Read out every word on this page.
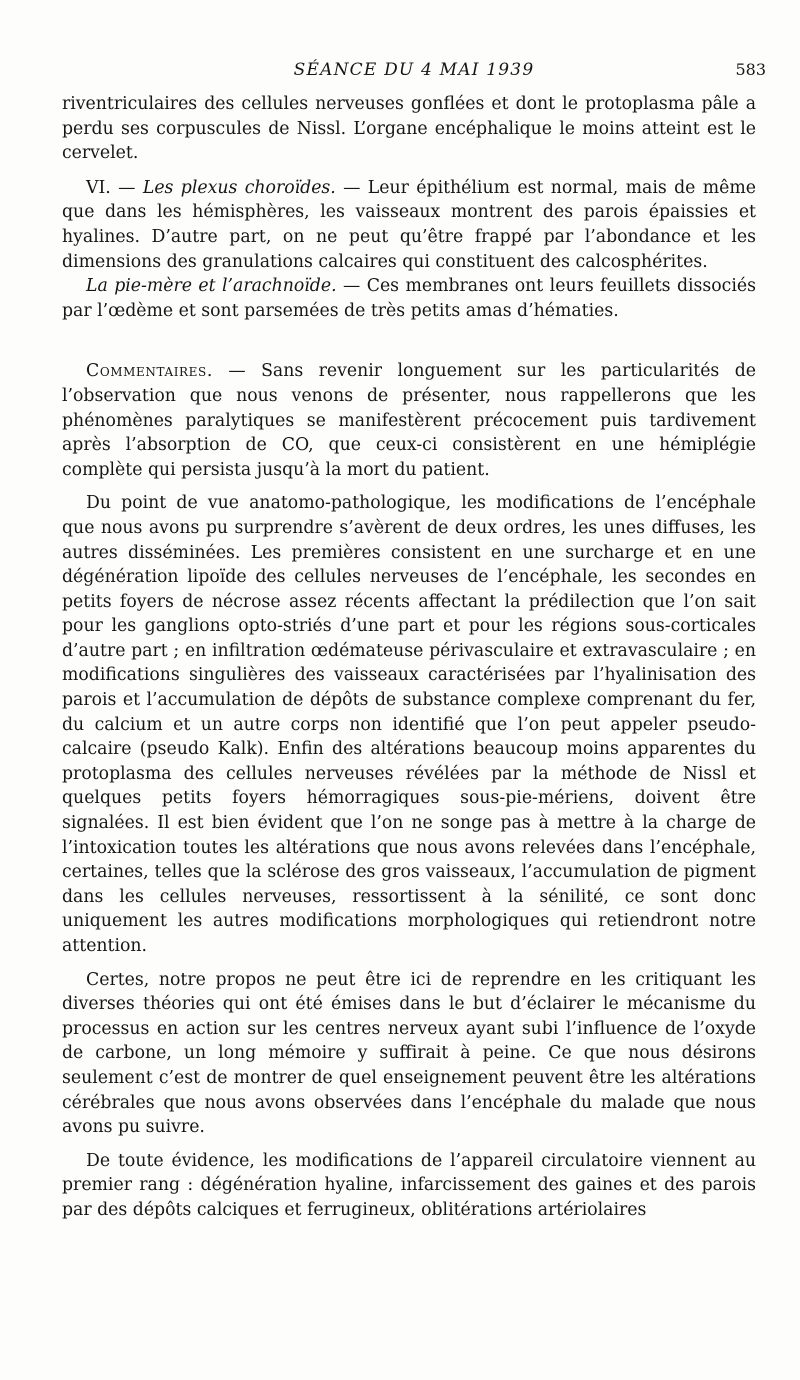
SÉANCE DU 4 MAI 1939	583

riventriculaires des cellules nerveuses gonflées et dont le protoplasma pâle a perdu ses corpuscules de Nissl. L’organe encéphalique le moins atteint est le cervelet.

VI. — Les plexus choroïdes. — Leur épithélium est normal, mais de même que dans les hémisphères, les vaisseaux montrent des parois épaissies et hyalines. D’autre part, on ne peut qu’être frappé par l’abondance et les dimensions des granulations calcaires qui constituent des calcosphérites.

La pie-mère et l’arachnoïde. — Ces membranes ont leurs feuillets dissociés par l’œdème et sont parsemées de très petits amas d’hématies.

Commentaires. — Sans revenir longuement sur les particularités de l’observation que nous venons de présenter, nous rappellerons que les phénomènes paralytiques se manifestèrent précocement puis tardivement après l’absorption de CO, que ceux-ci consistèrent en une hémiplégie complète qui persista jusqu’à la mort du patient.

Du point de vue anatomo-pathologique, les modifications de l’encéphale que nous avons pu surprendre s’avèrent de deux ordres, les unes diffuses, les autres disséminées. Les premières consistent en une surcharge et en une dégénération lipoïde des cellules nerveuses de l’encéphale, les secondes en petits foyers de nécrose assez récents affectant la prédilection que l’on sait pour les ganglions opto-striés d’une part et pour les régions sous-corticales d’autre part ; en infiltration œdémateuse périvasculaire et extravasculaire ; en modifications singulières des vaisseaux caractérisées par l’hyalinisation des parois et l’accumulation de dépôts de substance complexe comprenant du fer, du calcium et un autre corps non identifié que l’on peut appeler pseudo-calcaire (pseudo Kalk). Enfin des altérations beaucoup moins apparentes du protoplasma des cellules nerveuses révélées par la méthode de Nissl et quelques petits foyers hémorragiques sous-pie-mériens, doivent être signalées. Il est bien évident que l’on ne songe pas à mettre à la charge de l’intoxication toutes les altérations que nous avons relevées dans l’encéphale, certaines, telles que la sclérose des gros vaisseaux, l’accumulation de pigment dans les cellules nerveuses, ressortissent à la sénilité, ce sont donc uniquement les autres modifications morphologiques qui retiendront notre attention.

Certes, notre propos ne peut être ici de reprendre en les critiquant les diverses théories qui ont été émises dans le but d’éclairer le mécanisme du processus en action sur les centres nerveux ayant subi l’influence de l’oxyde de carbone, un long mémoire y suffirait à peine. Ce que nous désirons seulement c’est de montrer de quel enseignement peuvent être les altérations cérébrales que nous avons observées dans l’encéphale du malade que nous avons pu suivre.

De toute évidence, les modifications de l’appareil circulatoire viennent au premier rang : dégénération hyaline, infarcissement des gaines et des parois par des dépôts calciques et ferrugineux, oblitérations artériolaires
